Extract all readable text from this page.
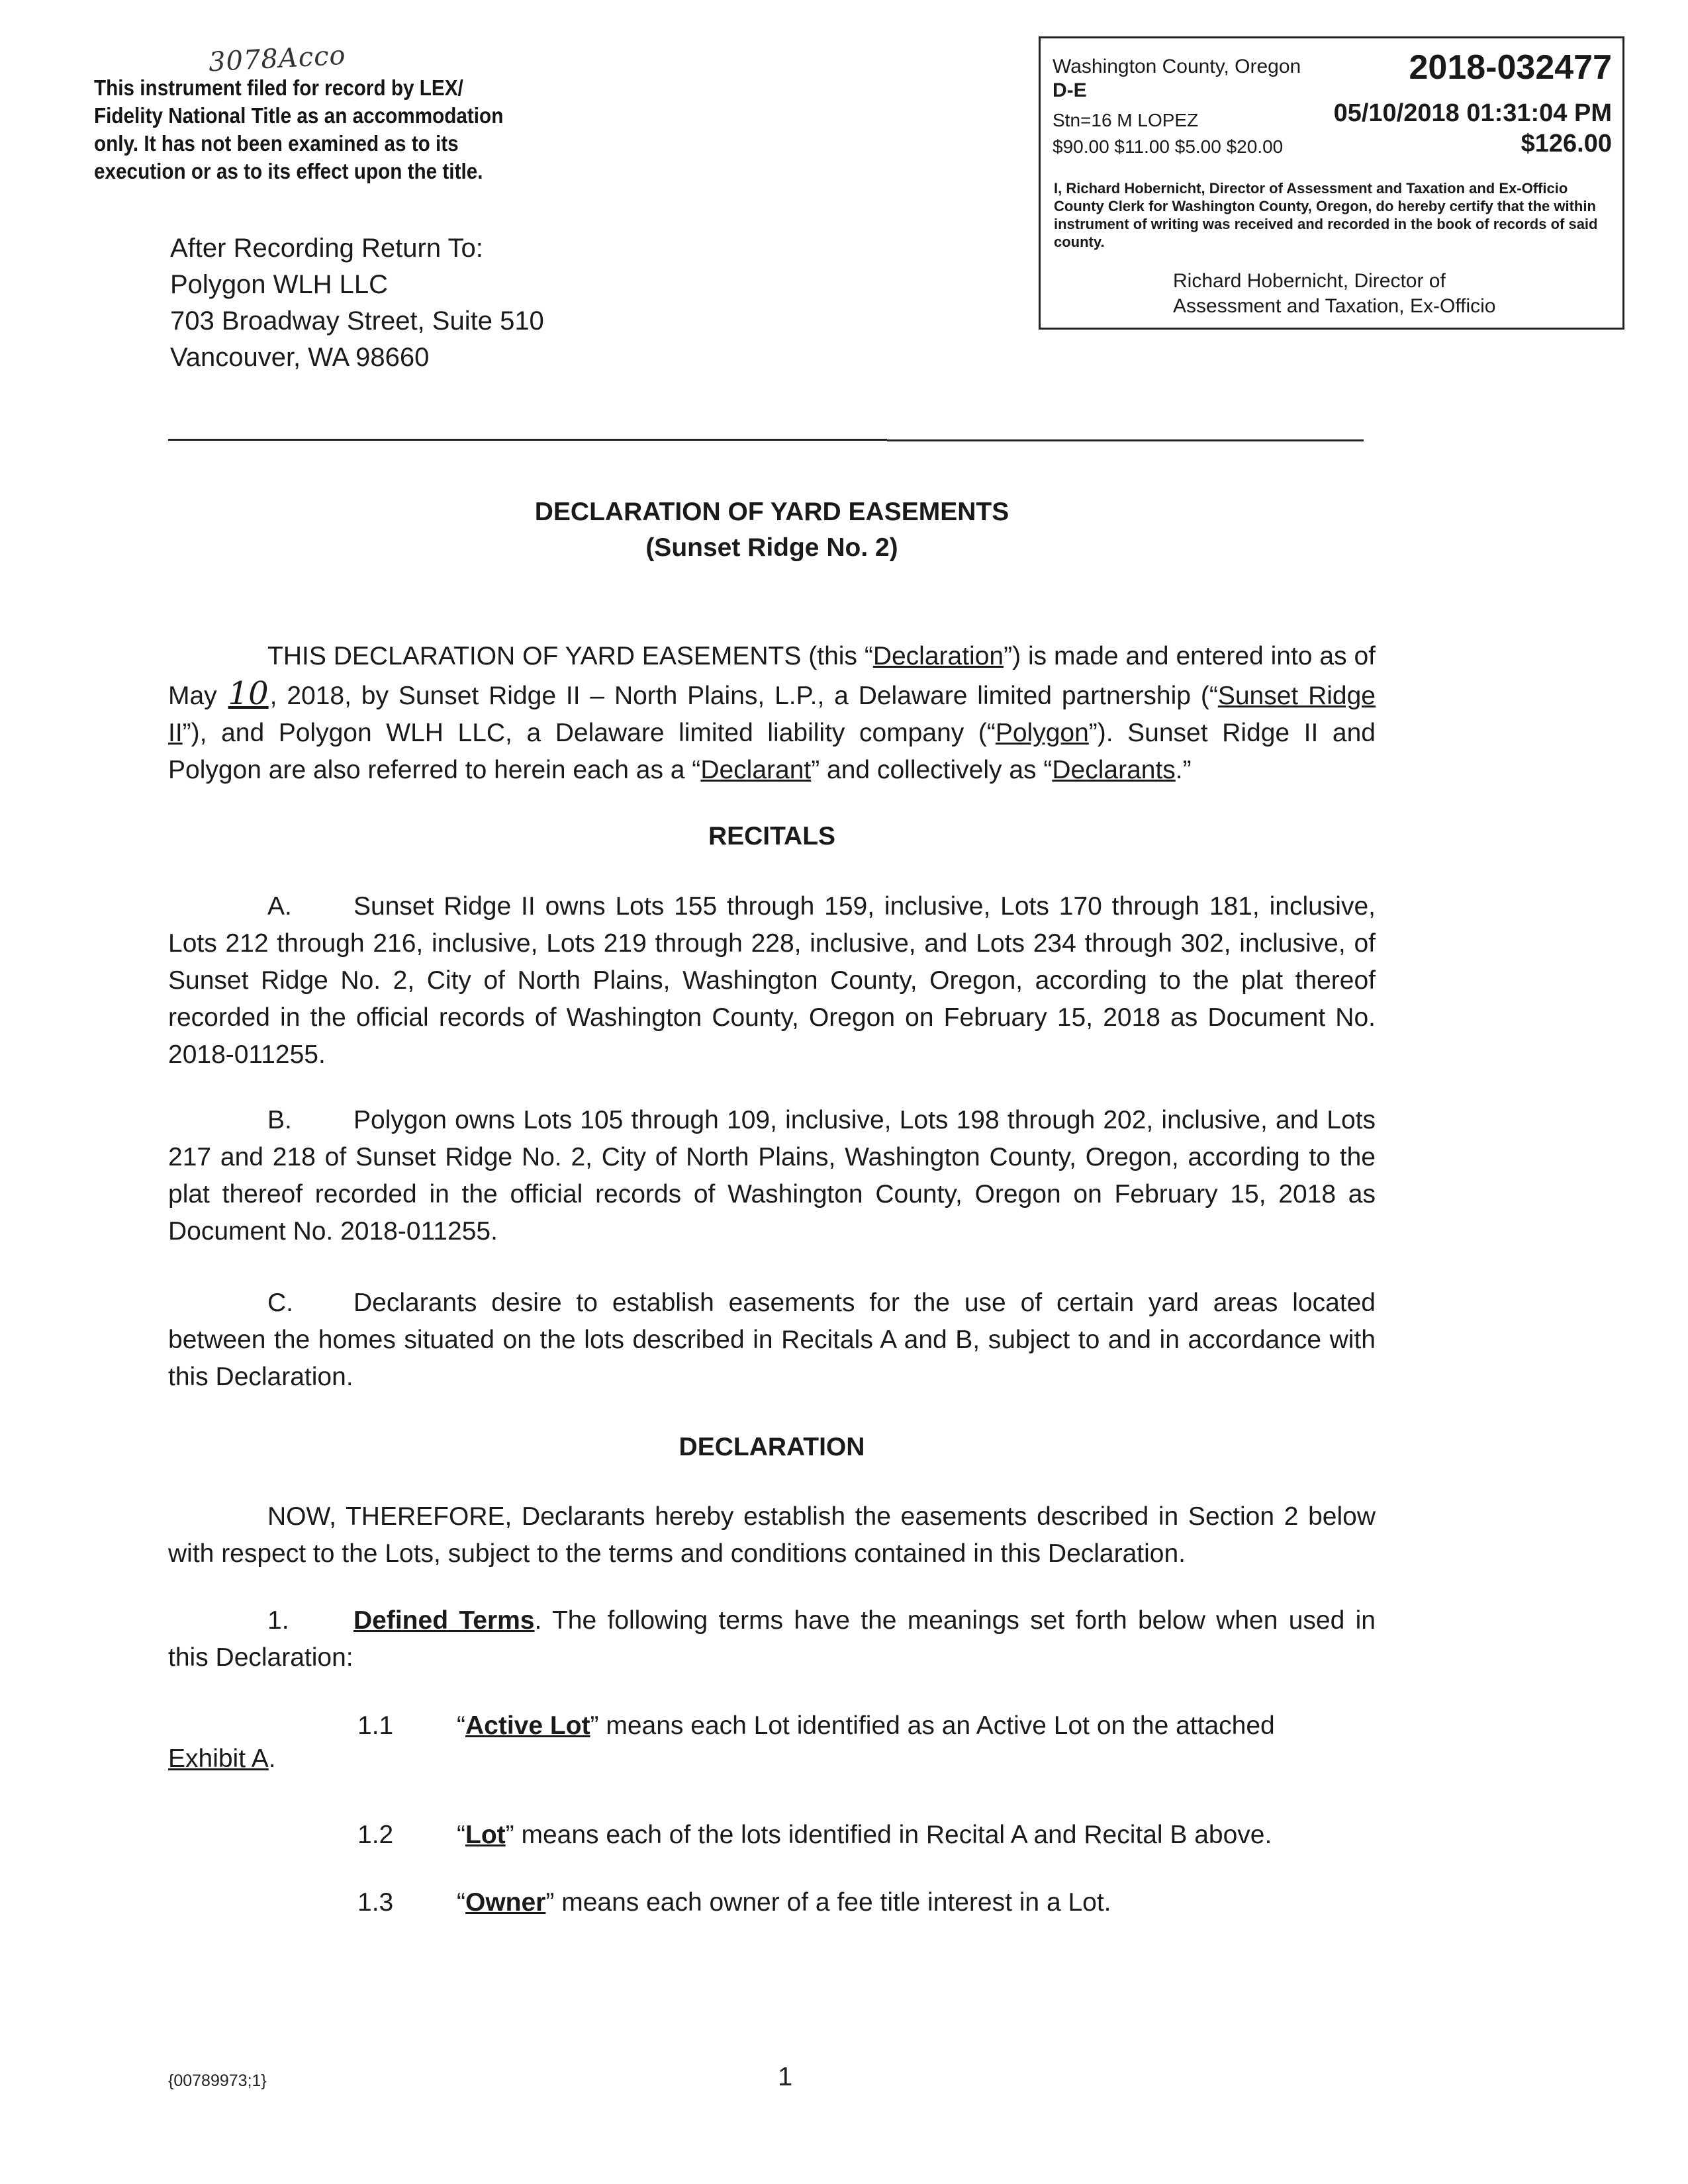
3078Acco
This instrument filed for record by LEX/
Fidelity National Title as an accommodation
only. It has not been examined as to its
execution or as to its effect upon the title.
After Recording Return To:
Polygon WLH LLC
703 Broadway Street, Suite 510
Vancouver, WA 98660
Washington County, Oregon	2018-032477
D-E
Stn=16 M LOPEZ	05/10/2018 01:31:04 PM
$90.00 $11.00 $5.00 $20.00	$126.00
I, Richard Hobernicht, Director of Assessment and Taxation and Ex-Officio County Clerk for Washington County, Oregon, do hereby certify that the within instrument of writing was received and recorded in the book of records of said county.
Richard Hobernicht, Director of
Assessment and Taxation, Ex-Officio
DECLARATION OF YARD EASEMENTS
(Sunset Ridge No. 2)
THIS DECLARATION OF YARD EASEMENTS (this “Declaration”) is made and entered into as of May 10, 2018, by Sunset Ridge II – North Plains, L.P., a Delaware limited partnership (“Sunset Ridge II”), and Polygon WLH LLC, a Delaware limited liability company (“Polygon”). Sunset Ridge II and Polygon are also referred to herein each as a “Declarant” and collectively as “Declarants.”
RECITALS
A. Sunset Ridge II owns Lots 155 through 159, inclusive, Lots 170 through 181, inclusive, Lots 212 through 216, inclusive, Lots 219 through 228, inclusive, and Lots 234 through 302, inclusive, of Sunset Ridge No. 2, City of North Plains, Washington County, Oregon, according to the plat thereof recorded in the official records of Washington County, Oregon on February 15, 2018 as Document No. 2018-011255.
B. Polygon owns Lots 105 through 109, inclusive, Lots 198 through 202, inclusive, and Lots 217 and 218 of Sunset Ridge No. 2, City of North Plains, Washington County, Oregon, according to the plat thereof recorded in the official records of Washington County, Oregon on February 15, 2018 as Document No. 2018-011255.
C. Declarants desire to establish easements for the use of certain yard areas located between the homes situated on the lots described in Recitals A and B, subject to and in accordance with this Declaration.
DECLARATION
NOW, THEREFORE, Declarants hereby establish the easements described in Section 2 below with respect to the Lots, subject to the terms and conditions contained in this Declaration.
1. Defined Terms. The following terms have the meanings set forth below when used in this Declaration:
1.1 “Active Lot” means each Lot identified as an Active Lot on the attached
Exhibit A.
1.2 “Lot” means each of the lots identified in Recital A and Recital B above.
1.3 “Owner” means each owner of a fee title interest in a Lot.
{00789973;1}	1
